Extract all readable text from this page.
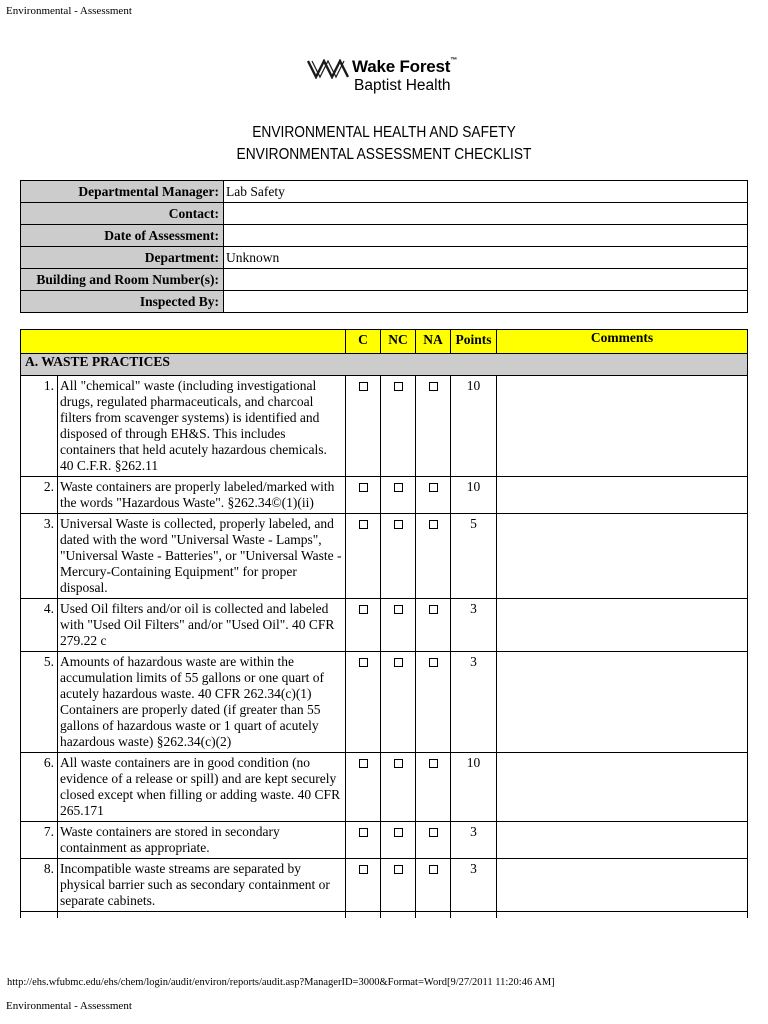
Environmental - Assessment
Wake Forest™
Baptist Health
ENVIRONMENTAL HEALTH AND SAFETY
ENVIRONMENTAL ASSESSMENT CHECKLIST
Departmental Manager:	Lab Safety
Contact:	
Date of Assessment:	
Department:	Unknown
Building and Room Number(s):	
Inspected By:	
		C	NC	NA	Points	Comments
A. WASTE PRACTICES						
1.	All "chemical" waste (including investigational drugs, regulated pharmaceuticals, and charcoal filters from scavenger systems) is identified and disposed of through EH&S. This includes containers that held acutely hazardous chemicals. 40 C.F.R. §262.11				10	
2.	Waste containers are properly labeled/marked with the words "Hazardous Waste". §262.34©(1)(ii)				10	
3.	Universal Waste is collected, properly labeled, and dated with the word "Universal Waste - Lamps", "Universal Waste - Batteries", or "Universal Waste - Mercury-Containing Equipment" for proper disposal.				5	
4.	Used Oil filters and/or oil is collected and labeled with "Used Oil Filters" and/or "Used Oil". 40 CFR 279.22 c				3	
5.	Amounts of hazardous waste are within the accumulation limits of 55 gallons or one quart of acutely hazardous waste. 40 CFR 262.34(c)(1) Containers are properly dated (if greater than 55 gallons of hazardous waste or 1 quart of acutely hazardous waste) §262.34(c)(2)				3	
6.	All waste containers are in good condition (no evidence of a release or spill) and are kept securely closed except when filling or adding waste. 40 CFR 265.171				10	
7.	Waste containers are stored in secondary containment as appropriate.				3	
8.	Incompatible waste streams are separated by physical barrier such as secondary containment or separate cabinets.				3	

http://ehs.wfubmc.edu/ehs/chem/login/audit/environ/reports/audit.asp?ManagerID=3000&Format=Word[9/27/2011 11:20:46 AM]
Environmental - Assessment
